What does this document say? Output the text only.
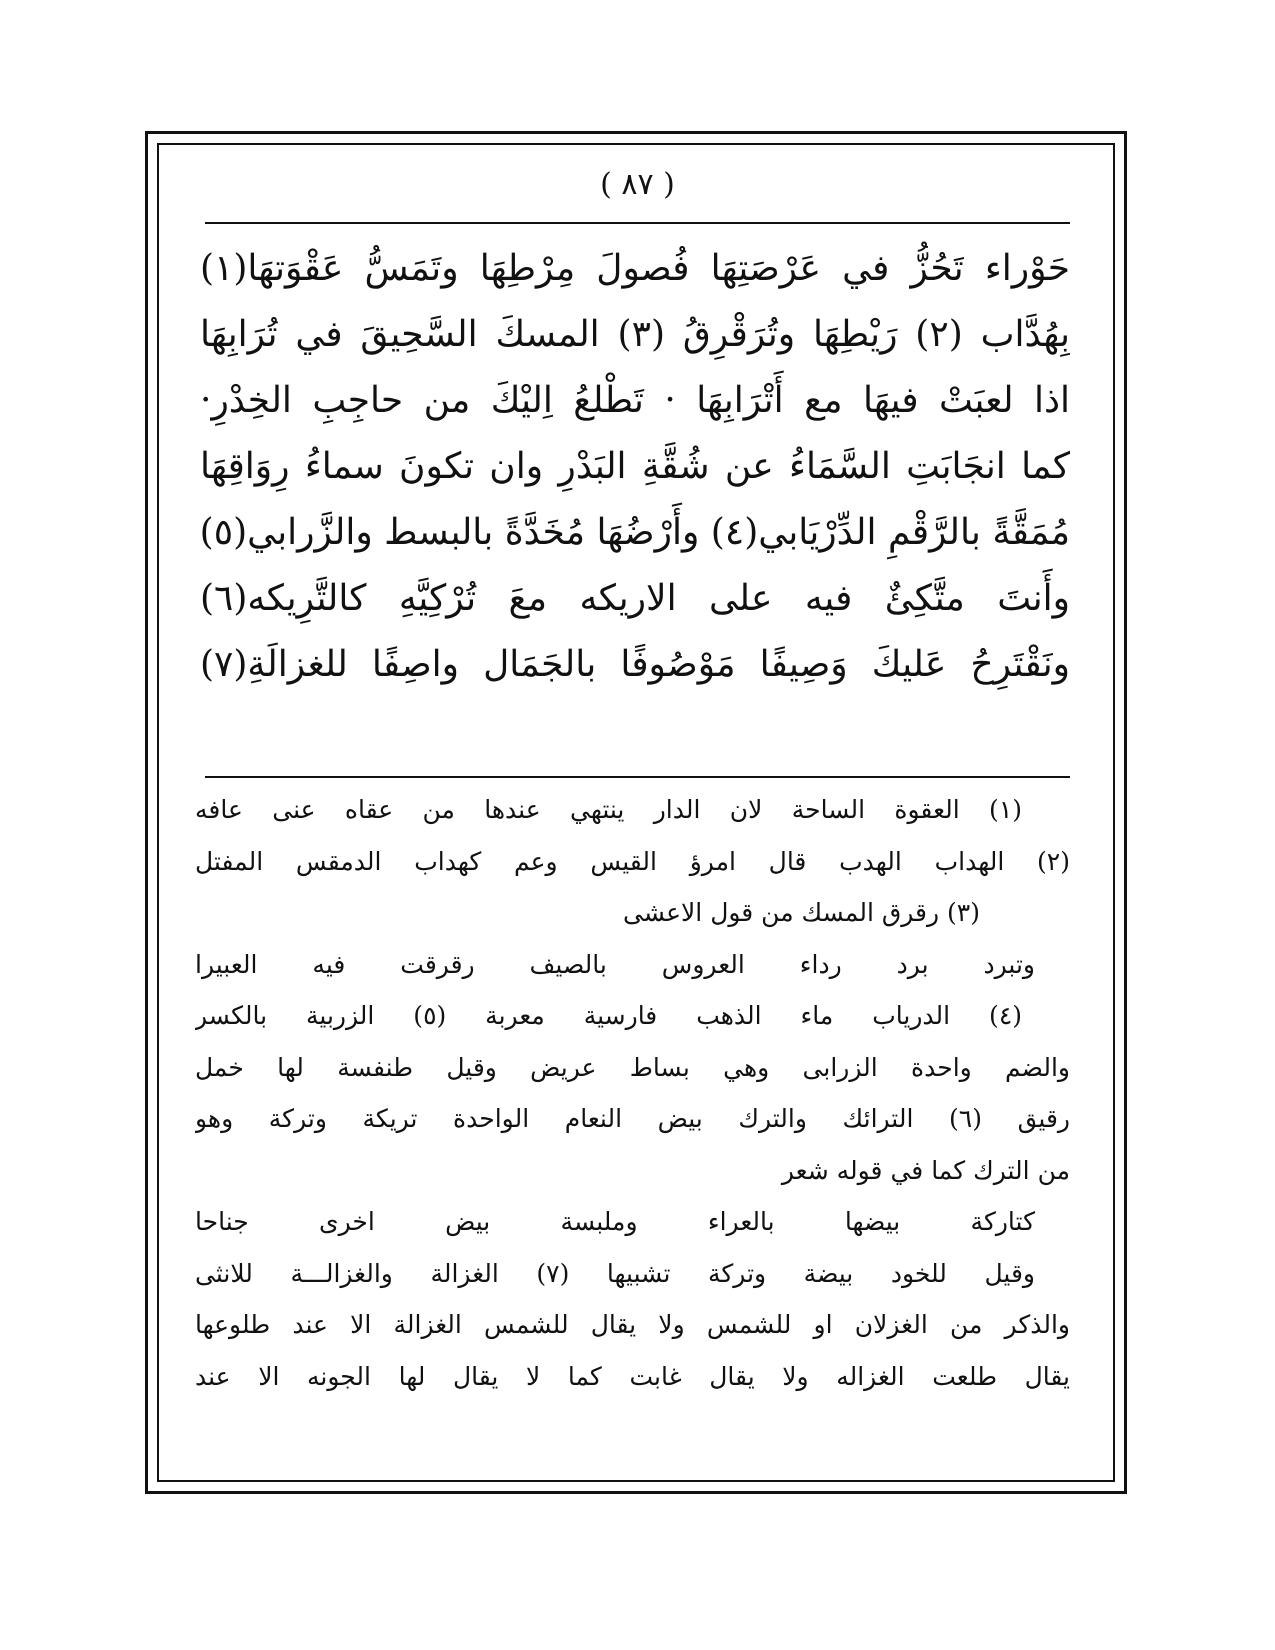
( ٨٧ )
حَوْراء تَحُزُّ في عَرْصَتِهَا فُصولَ مِرْطِهَا وتَمَسُّ عَقْوَتهَا(١)
بِهُدَّاب (٢) رَيْطِهَا وتُرَقْرِقُ (٣) المسكَ السَّحِيقَ في تُرَابِهَا
اذا لعبَتْ فيهَا مع أَتْرَابِهَا · تَطْلعُ اِليْكَ من حاجِبِ الخِدْرِ·
كما انجَابَتِ السَّمَاءُ عن شُقَّةِ البَدْرِ وان تكونَ سماءُ رِوَاقِهَا
مُمَقَّةً بالرَّقْمِ الدِّرْيَابي(٤) وأَرْضُهَا مُخَدَّةً بالبسط والزَّرابي(٥)
وأَنتَ متَّكِئٌ فيه على الاريكه معَ تُرْكِيَّهِ كالتَّرِيكه(٦)
ونَقْتَرِحُ عَليكَ وَصِيفًا مَوْصُوفًا بالجَمَال واصِفًا للغزالَةِ(٧)
(١) العقوة الساحة لان الدار ينتهي عندها من عقاه عنى عافه
(٢) الهداب الهدب قال امرؤ القيس وعم كهداب الدمقس المفتل
(٣) رقرق المسك من قول الاعشى
وتبرد برد رداء العروس بالصيف رقرقت فيه العبيرا
(٤) الدرياب ماء الذهب فارسية معربة (٥) الزربية بالكسر
والضم واحدة الزرابى وهي بساط عريض وقيل طنفسة لها خمل
رقيق (٦) الترائك والترك بيض النعام الواحدة تريكة وتركة وهو
من الترك كما في قوله شعر
كتاركة بيضها بالعراء وملبسة بيض اخرى جناحا
وقيل للخود بيضة وتركة تشبيها (٧) الغزالة والغزالـــة للانثى
والذكر من الغزلان او للشمس ولا يقال للشمس الغزالة الا عند طلوعها
يقال طلعت الغزاله ولا يقال غابت كما لا يقال لها الجونه الا عند
